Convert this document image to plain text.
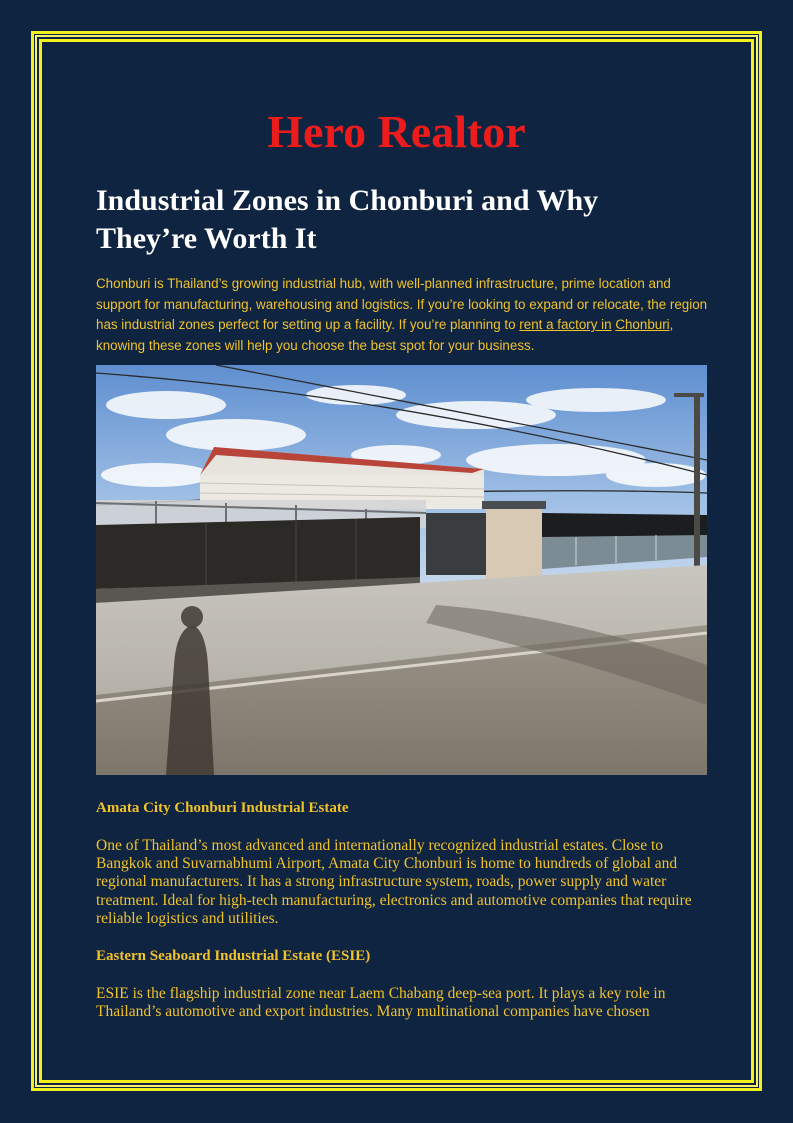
Hero Realtor
Industrial Zones in Chonburi and Why They’re Worth It

Chonburi is Thailand’s growing industrial hub, with well-planned infrastructure, prime location and support for manufacturing, warehousing and logistics. If you’re looking to expand or relocate, the region has industrial zones perfect for setting up a facility. If you’re planning to rent a factory in Chonburi, knowing these zones will help you choose the best spot for your business.

Amata City Chonburi Industrial Estate

One of Thailand’s most advanced and internationally recognized industrial estates. Close to Bangkok and Suvarnabhumi Airport, Amata City Chonburi is home to hundreds of global and regional manufacturers. It has a strong infrastructure system, roads, power supply and water treatment. Ideal for high-tech manufacturing, electronics and automotive companies that require reliable logistics and utilities.

Eastern Seaboard Industrial Estate (ESIE)

ESIE is the flagship industrial zone near Laem Chabang deep-sea port. It plays a key role in Thailand’s automotive and export industries. Many multinational companies have chosen
